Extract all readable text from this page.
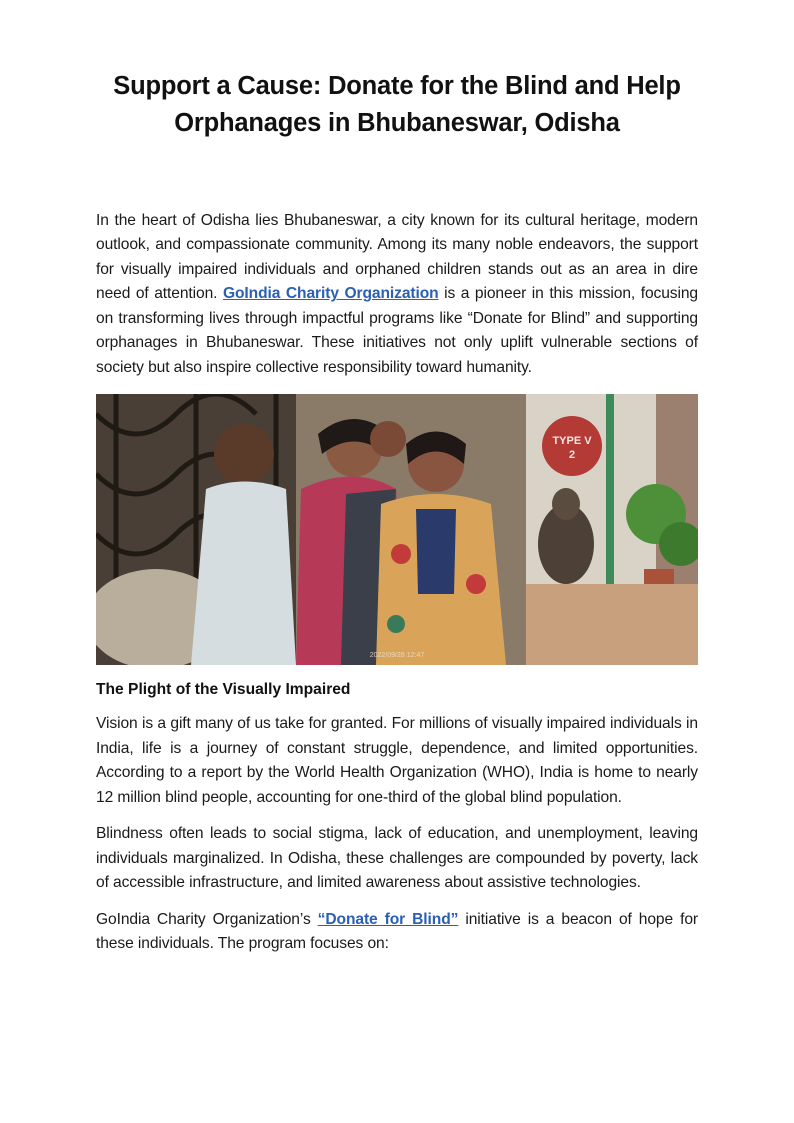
Support a Cause: Donate for the Blind and Help Orphanages in Bhubaneswar, Odisha

In the heart of Odisha lies Bhubaneswar, a city known for its cultural heritage, modern outlook, and compassionate community. Among its many noble endeavors, the support for visually impaired individuals and orphaned children stands out as an area in dire need of attention. GoIndia Charity Organization is a pioneer in this mission, focusing on transforming lives through impactful programs like “Donate for Blind” and supporting orphanages in Bhubaneswar. These initiatives not only uplift vulnerable sections of society but also inspire collective responsibility toward humanity.

TYPE V
2
2022/09/28 12:47
The Plight of the Visually Impaired

Vision is a gift many of us take for granted. For millions of visually impaired individuals in India, life is a journey of constant struggle, dependence, and limited opportunities. According to a report by the World Health Organization (WHO), India is home to nearly 12 million blind people, accounting for one-third of the global blind population.

Blindness often leads to social stigma, lack of education, and unemployment, leaving individuals marginalized. In Odisha, these challenges are compounded by poverty, lack of accessible infrastructure, and limited awareness about assistive technologies.

GoIndia Charity Organization’s “Donate for Blind” initiative is a beacon of hope for these individuals. The program focuses on:
